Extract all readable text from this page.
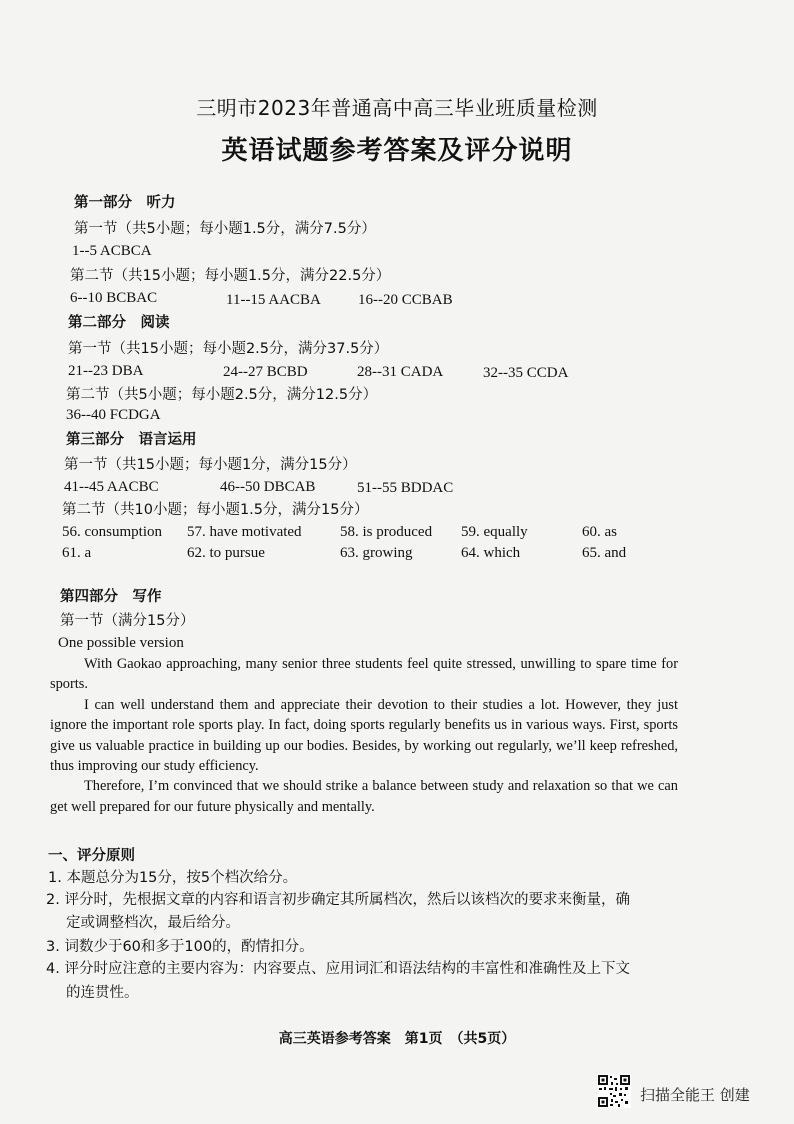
三明市2023年普通高中高三毕业班质量检测
英语试题参考答案及评分说明
第一部分　听力
第一节（共5小题；每小题1.5分，满分7.5分）
1--5 ACBCA
第二节（共15小题；每小题1.5分，满分22.5分）
6--10 BCBAC	11--15 AACBA 16--20 CCBAB
第二部分　阅读
第一节（共15小题；每小题2.5分，满分37.5分）
21--23 DBA	24--27 BCBD	28--31 CADA	32--35 CCDA
第二节（共5小题；每小题2.5分，满分12.5分）
36--40 FCDGA
第三部分　语言运用
第一节（共15小题；每小题1分，满分15分）
41--45 AACBC	46--50 DBCAB	51--55 BDDAC
第二节（共10小题；每小题1.5分，满分15分）
56. consumption 57. have motivated	58. is produced 59. equally	60. as
61. a	62. to pursue	63. growing	64. which	65. and
第四部分　写作
第一节（满分15分）
One possible version

With Gaokao approaching, many senior three students feel quite stressed, unwilling to spare time for sports.

I can well understand them and appreciate their devotion to their studies a lot. However, they just ignore the important role sports play. In fact, doing sports regularly benefits us in various ways. First, sports give us valuable practice in building up our bodies. Besides, by working out regularly, we’ll keep refreshed, thus improving our study efficiency.

Therefore, I’m convinced that we should strike a balance between study and relaxation so that we can get well prepared for our future physically and mentally.

一、评分原则
1. 本题总分为15分，按5个档次给分。
2. 评分时，先根据文章的内容和语言初步确定其所属档次，然后以该档次的要求来衡量，确
定或调整档次，最后给分。
3. 词数少于60和多于100的，酌情扣分。
4. 评分时应注意的主要内容为：内容要点、应用词汇和语法结构的丰富性和准确性及上下文
的连贯性。
高三英语参考答案　第1页　（共5页）
扫描全能王 创建
